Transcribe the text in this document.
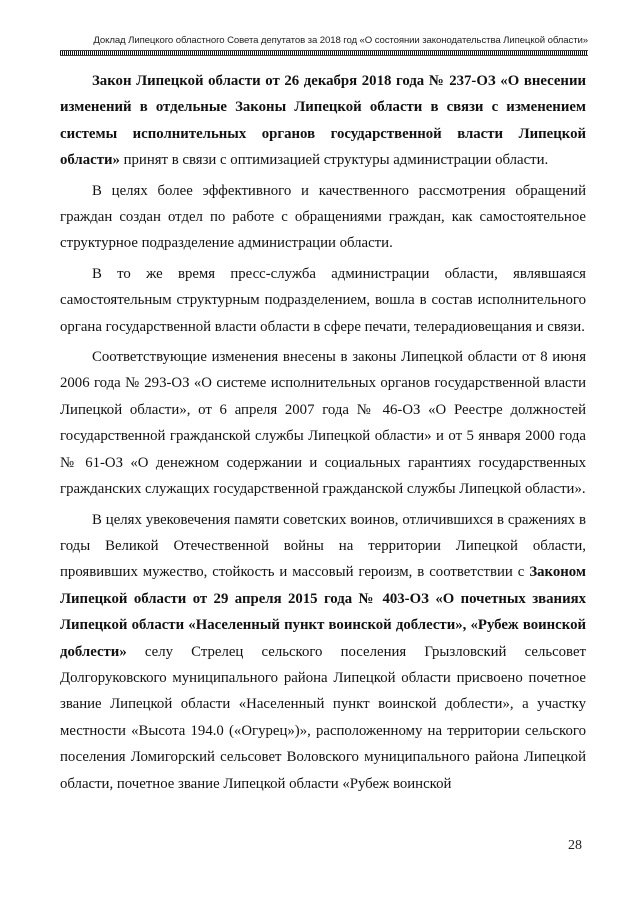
Доклад Липецкого областного Совета депутатов за 2018 год «О состоянии законодательства Липецкой области»

Закон Липецкой области от 26 декабря 2018 года № 237-ОЗ «О внесении изменений в отдельные Законы Липецкой области в связи с изменением системы исполнительных органов государственной власти Липецкой области» принят в связи с оптимизацией структуры администрации области.

В целях более эффективного и качественного рассмотрения обращений граждан создан отдел по работе с обращениями граждан, как самостоятельное структурное подразделение администрации области.

В то же время пресс-служба администрации области, являвшаяся самостоятельным структурным подразделением, вошла в состав исполнительного органа государственной власти области в сфере печати, телерадиовещания и связи.

Соответствующие изменения внесены в законы Липецкой области от 8 июня 2006 года № 293-ОЗ «О системе исполнительных органов государственной власти Липецкой области», от 6 апреля 2007 года № 46-ОЗ «О Реестре должностей государственной гражданской службы Липецкой области» и от 5 января 2000 года № 61-ОЗ «О денежном содержании и социальных гарантиях государственных гражданских служащих государственной гражданской службы Липецкой области».

В целях увековечения памяти советских воинов, отличившихся в сражениях в годы Великой Отечественной войны на территории Липецкой области, проявивших мужество, стойкость и массовый героизм, в соответствии с Законом Липецкой области от 29 апреля 2015 года № 403-ОЗ «О почетных званиях Липецкой области «Населенный пункт воинской доблести», «Рубеж воинской доблести» селу Стрелец сельского поселения Грызловский сельсовет Долгоруковского муниципального района Липецкой области присвоено почетное звание Липецкой области «Населенный пункт воинской доблести», а участку местности «Высота 194.0 («Огурец»)», расположенному на территории сельского поселения Ломигорский сельсовет Воловского муниципального района Липецкой области, почетное звание Липецкой области «Рубеж воинской

28
